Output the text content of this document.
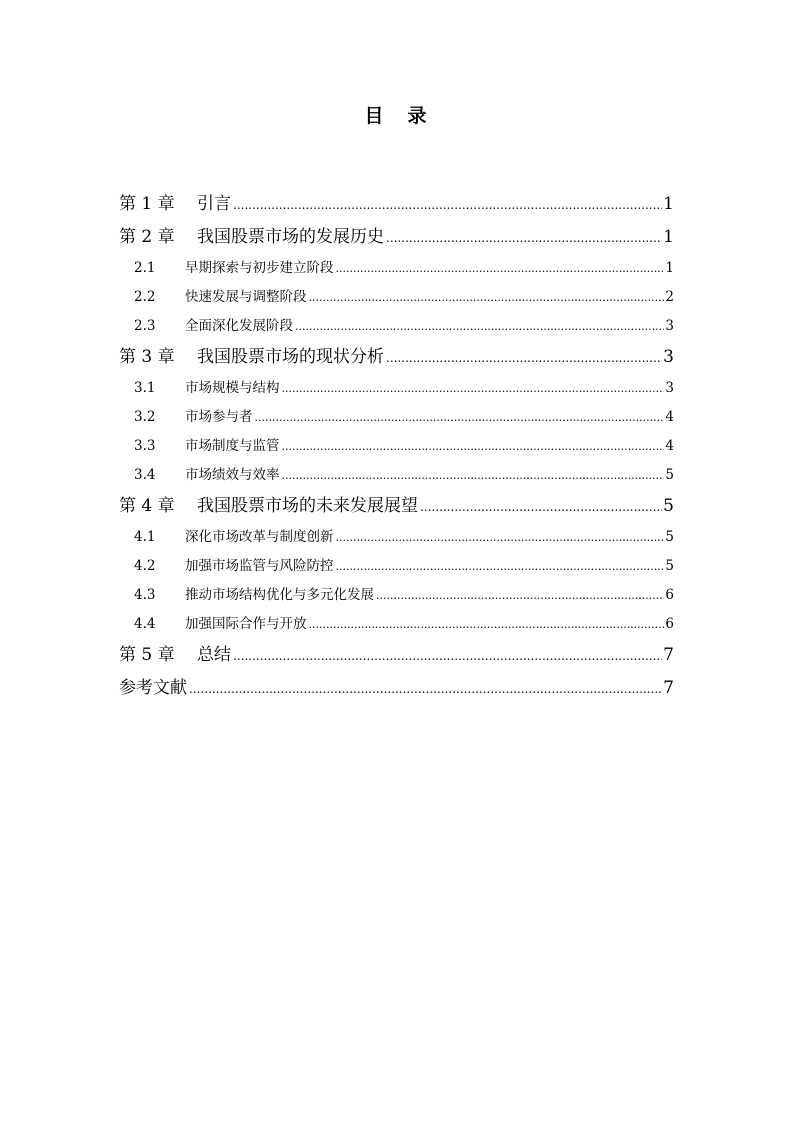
目 录
第 1 章	引言 .....	1
第 2 章	我国股票市场的发展历史 .....	1
2.1	早期探索与初步建立阶段 .....	1
2.2	快速发展与调整阶段 .....	2
2.3	全面深化发展阶段 .....	3
第 3 章	我国股票市场的现状分析 .....	3
3.1	市场规模与结构 .....	3
3.2	市场参与者 .....	4
3.3	市场制度与监管 .....	4
3.4	市场绩效与效率 .....	5
第 4 章	我国股票市场的未来发展展望 .....	5
4.1	深化市场改革与制度创新 .....	5
4.2	加强市场监管与风险防控 .....	5
4.3	推动市场结构优化与多元化发展 .....	6
4.4	加强国际合作与开放 .....	6
第 5 章	总结 .....	7
参考文献 .....	7
